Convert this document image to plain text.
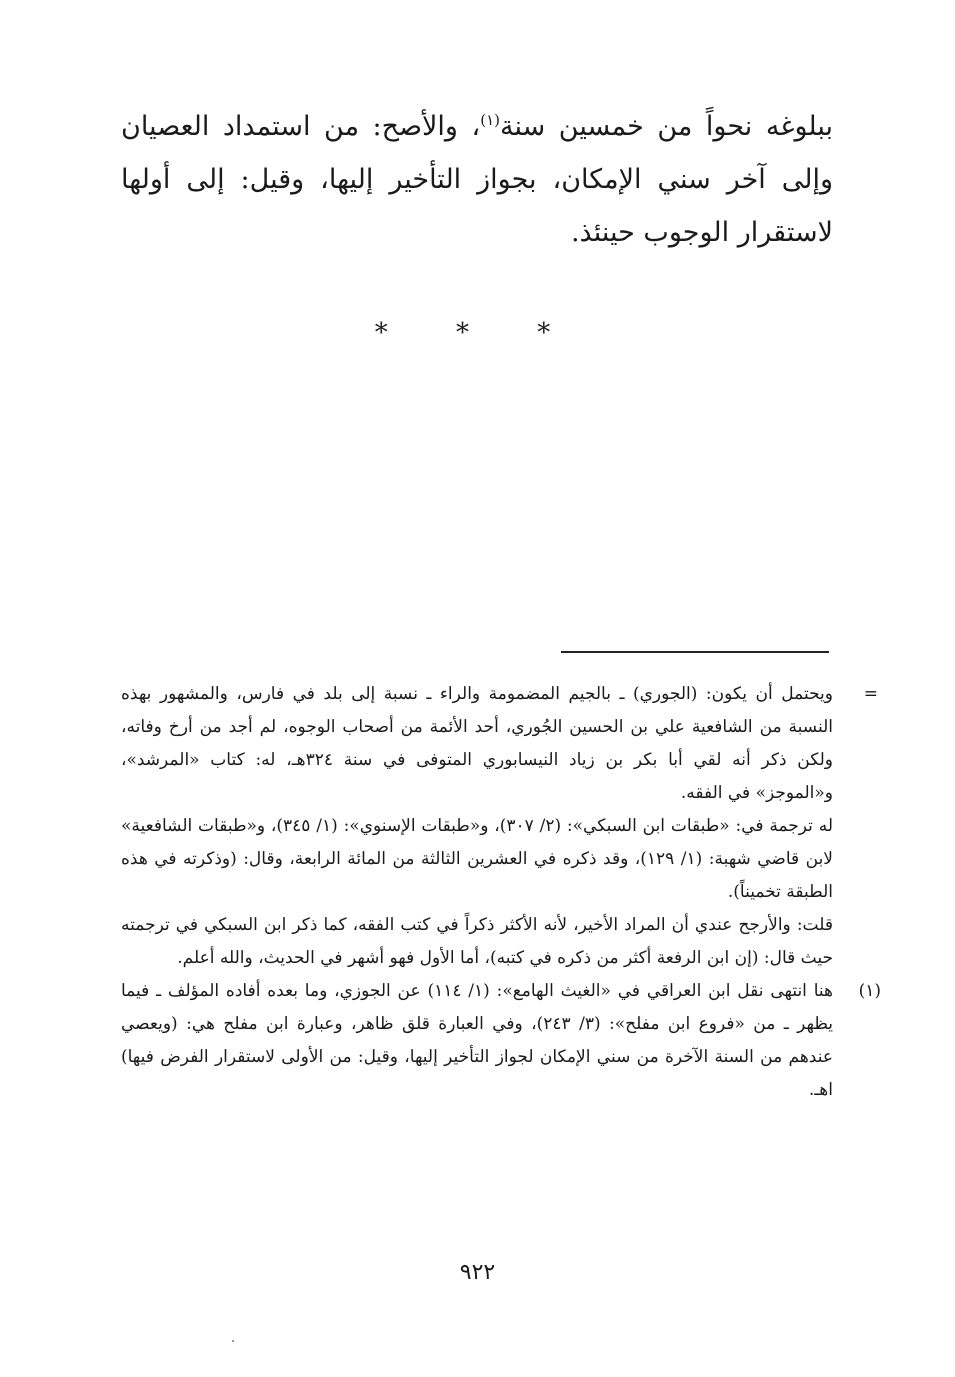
ببلوغه نحواً من خمسين سنة$^{(١)}$، والأصح: من استمداد العصيان وإلى آخر سني الإمكان، بجواز التأخير إليها، وقيل: إلى أولها لاستقرار الوجوب حينئذ.

* * *

=
ويحتمل أن يكون: (الجوري) ـ بالجيم المضمومة والراء ـ نسبة إلى بلد في فارس، والمشهور بهذه النسبة من الشافعية علي بن الحسين الجُوري، أحد الأئمة من أصحاب الوجوه، لم أجد من أرخ وفاته، ولكن ذكر أنه لقي أبا بكر بن زياد النيسابوري المتوفى في سنة ٣٢٤هـ، له: كتاب «المرشد»، و«الموجز» في الفقه.

له ترجمة في: «طبقات ابن السبكي»: (٢/ ٣٠٧)، و«طبقات الإسنوي»: (١/ ٣٤٥)، و«طبقات الشافعية» لابن قاضي شهبة: (١/ ١٢٩)، وقد ذكره في العشرين الثالثة من المائة الرابعة، وقال: (وذكرته في هذه الطبقة تخميناً).

قلت: والأرجح عندي أن المراد الأخير، لأنه الأكثر ذكراً في كتب الفقه، كما ذكر ابن السبكي في ترجمته حيث قال: (إن ابن الرفعة أكثر من ذكره في كتبه)، أما الأول فهو أشهر في الحديث، والله أعلم.

(١)
هنا انتهى نقل ابن العراقي في «الغيث الهامع»: (١/ ١١٤) عن الجوزي، وما بعده أفاده المؤلف ـ فيما يظهر ـ من «فروع ابن مفلح»: (٣/ ٢٤٣)، وفي العبارة قلق ظاهر، وعبارة ابن مفلح هي: (ويعصي عندهم من السنة الآخرة من سني الإمكان لجواز التأخير إليها، وقيل: من الأولى لاستقرار الفرض فيها) اهـ.

٩٢٢
